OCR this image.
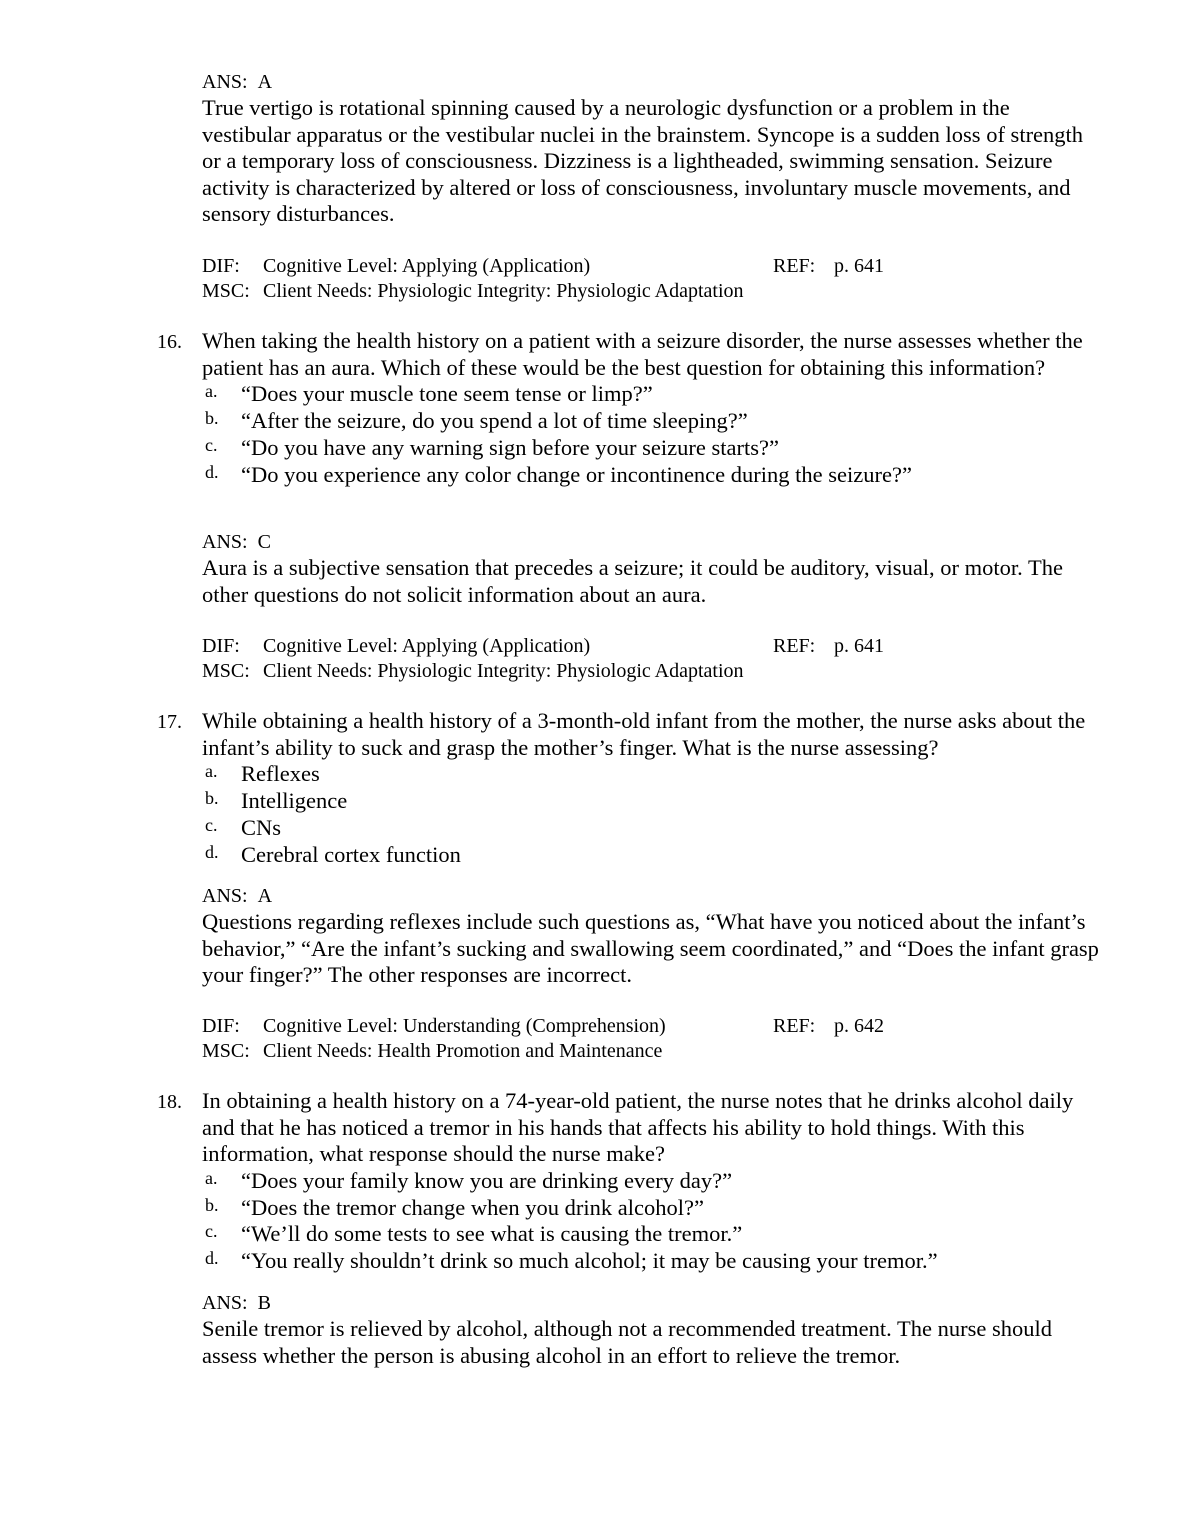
ANS: A

True vertigo is rotational spinning caused by a neurologic dysfunction or a problem in the vestibular apparatus or the vestibular nuclei in the brainstem. Syncope is a sudden loss of strength or a temporary loss of consciousness. Dizziness is a lightheaded, swimming sensation. Seizure activity is characterized by altered or loss of consciousness, involuntary muscle movements, and sensory disturbances.

DIF: Cognitive Level: Applying (Application)	REF: p. 641
MSC: Client Needs: Physiologic Integrity: Physiologic Adaptation
16. When taking the health history on a patient with a seizure disorder, the nurse assesses whether the patient has an aura. Which of these would be the best question for obtaining this information?
a. “Does your muscle tone seem tense or limp?”
b. “After the seizure, do you spend a lot of time sleeping?”
c. “Do you have any warning sign before your seizure starts?”
d. “Do you experience any color change or incontinence during the seizure?”
ANS: C

Aura is a subjective sensation that precedes a seizure; it could be auditory, visual, or motor. The other questions do not solicit information about an aura.

DIF: Cognitive Level: Applying (Application)	REF: p. 641
MSC: Client Needs: Physiologic Integrity: Physiologic Adaptation
17. While obtaining a health history of a 3-month-old infant from the mother, the nurse asks about the infant’s ability to suck and grasp the mother’s finger. What is the nurse assessing?
a. Reflexes
b. Intelligence
c. CNs
d. Cerebral cortex function
ANS: A

Questions regarding reflexes include such questions as, “What have you noticed about the infant’s behavior,” “Are the infant’s sucking and swallowing seem coordinated,” and “Does the infant grasp your finger?” The other responses are incorrect.

DIF: Cognitive Level: Understanding (Comprehension)	REF: p. 642
MSC: Client Needs: Health Promotion and Maintenance
18. In obtaining a health history on a 74-year-old patient, the nurse notes that he drinks alcohol daily and that he has noticed a tremor in his hands that affects his ability to hold things. With this information, what response should the nurse make?
a. “Does your family know you are drinking every day?”
b. “Does the tremor change when you drink alcohol?”
c. “We’ll do some tests to see what is causing the tremor.”
d. “You really shouldn’t drink so much alcohol; it may be causing your tremor.”
ANS: B

Senile tremor is relieved by alcohol, although not a recommended treatment. The nurse should assess whether the person is abusing alcohol in an effort to relieve the tremor.
